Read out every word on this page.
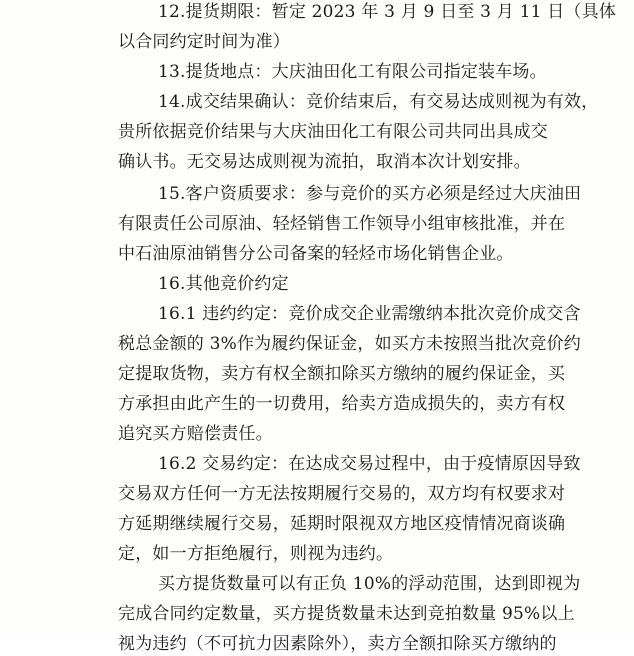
12.提货期限：暂定 2023 年 3 月 9 日至 3 月 11 日（具体
以合同约定时间为准）
13.提货地点：大庆油田化工有限公司指定装车场。
14.成交结果确认：竞价结束后，有交易达成则视为有效，
贵所依据竞价结果与大庆油田化工有限公司共同出具成交
确认书。无交易达成则视为流拍，取消本次计划安排。
15.客户资质要求：参与竞价的买方必须是经过大庆油田
有限责任公司原油、轻烃销售工作领导小组审核批准，并在
中石油原油销售分公司备案的轻烃市场化销售企业。
16.其他竞价约定
16.1 违约约定：竞价成交企业需缴纳本批次竞价成交含
税总金额的 3%作为履约保证金，如买方未按照当批次竞价约
定提取货物，卖方有权全额扣除买方缴纳的履约保证金，买
方承担由此产生的一切费用，给卖方造成损失的，卖方有权
追究买方赔偿责任。
16.2 交易约定：在达成交易过程中，由于疫情原因导致
交易双方任何一方无法按期履行交易的，双方均有权要求对
方延期继续履行交易，延期时限视双方地区疫情情况商谈确
定，如一方拒绝履行，则视为违约。
买方提货数量可以有正负 10%的浮动范围，达到即视为
完成合同约定数量，买方提货数量未达到竞拍数量 95%以上
视为违约（不可抗力因素除外），卖方全额扣除买方缴纳的
